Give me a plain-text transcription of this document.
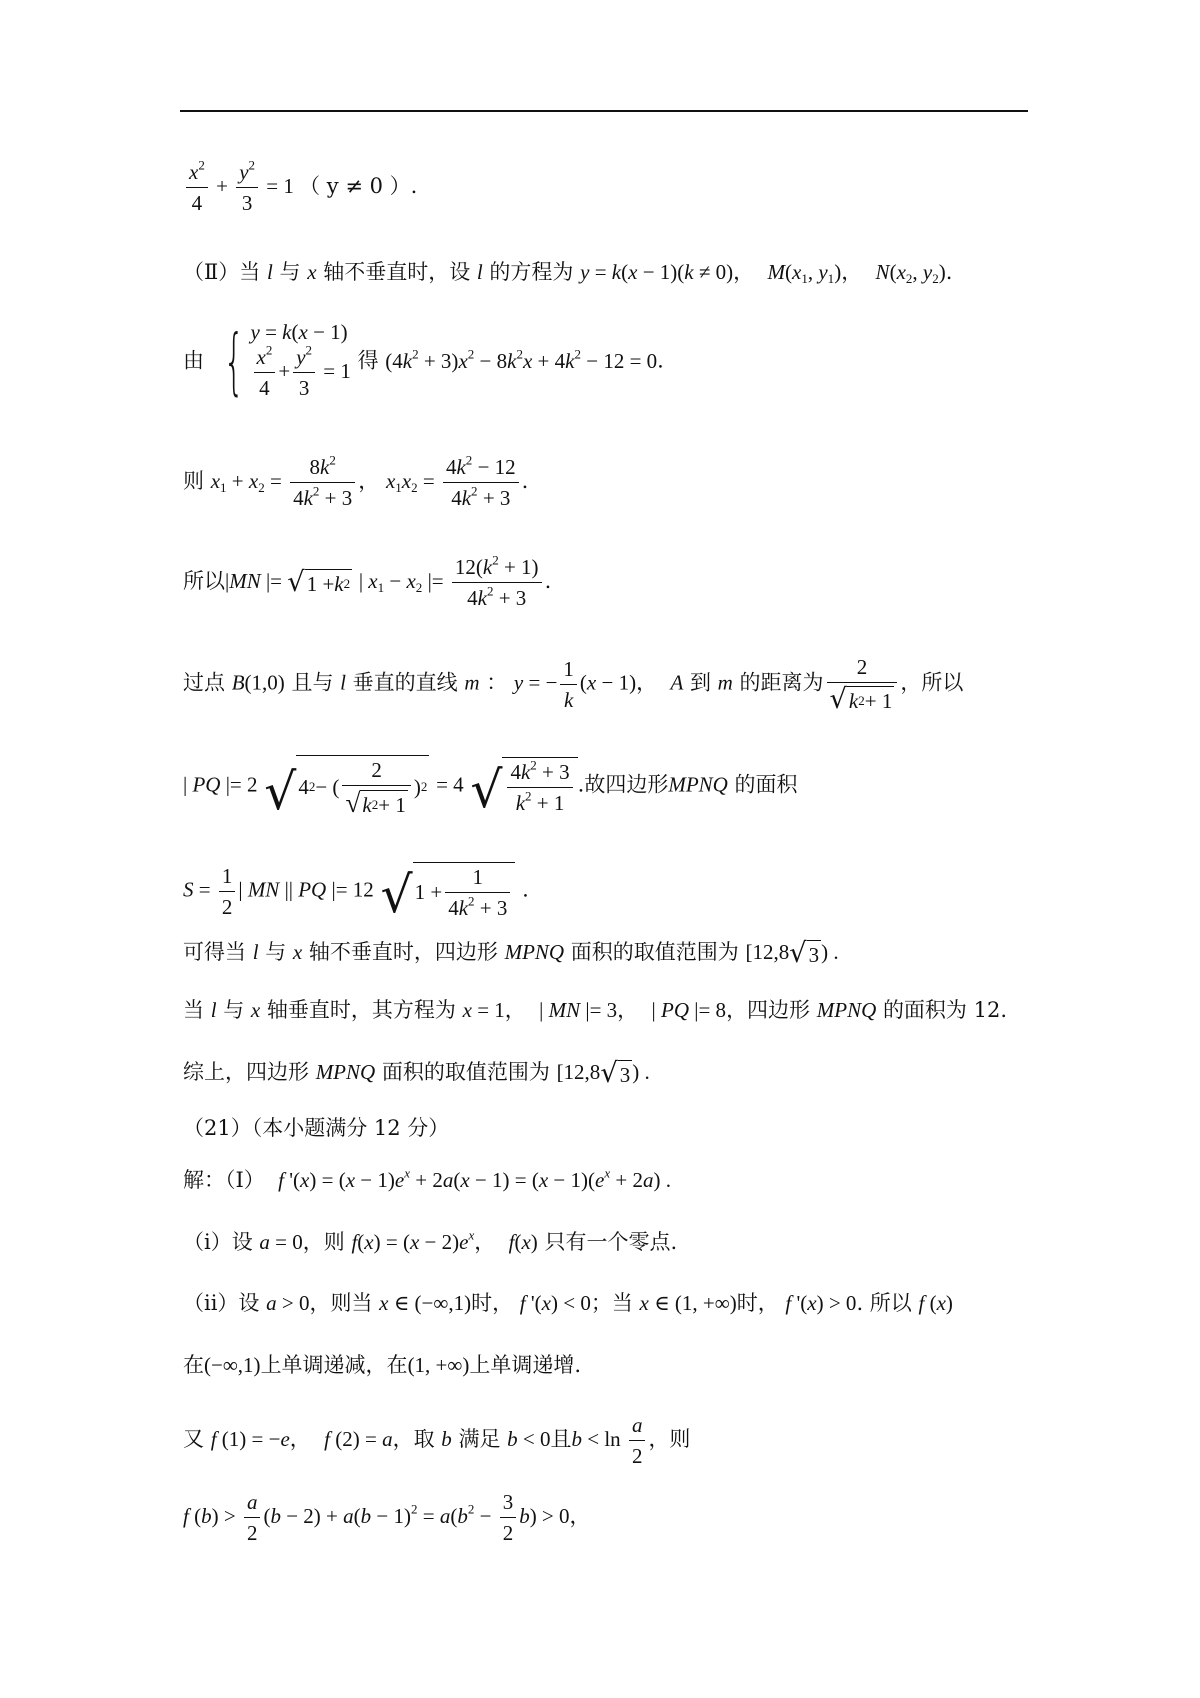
$\frac{x^2}{4} + \frac{y^2}{3} = 1$ （ y ≠ 0 ）.
（Ⅱ）当 l 与 x 轴不垂直时，设 l 的方程为 y = k(x − 1)(k ≠ 0)， $M(x_1$, $y_1$)，  $N(x_2$, $y_2$).
由 { y = k(x − 1)
$\frac{x^2}{4} + \frac{y^2}{3} = 1$ 得 $(4k^2 + 3)x^2 - 8k^2x + 4k^2 - 12 = 0$.
则 $x_1 + x_2 = \frac{8k^2}{4k^2 + 3}$ ， $x_1x_2 = \frac{4k^2 - 12}{4k^2 + 3}$ .
所以|MN |= √ 1 + k 2 | $x_1 - x_2$ |= $\frac{12(k^2 + 1)}{4k^2 + 3}$ .
过点 B(1,0) 且与 l 垂直的直线 m ： y = − $\frac{1}{k} (x - 1)$， A 到 m 的距离为 $\frac{2}{√ k 2 + 1}$ ，所以
| PQ |= 2 √ 4 2 − ( $\frac{2}{√ k 2 + 1}$ ) 2 = 4 √ $\frac{4k^2 + 3}{k^2 + 1}$ .故四边形MPNQ 的面积
$S = \frac{1}{2}$ | MN || PQ |= 12 √ $1 + \frac{1}{4k^2 + 3}$ .
可得当 l 与 x 轴不垂直时，四边形 MPNQ 面积的取值范围为 [12,8 √ 3 ) .
当 l 与 x 轴垂直时，其方程为 x = 1， | MN |= 3， | PQ |= 8，四边形 MPNQ 的面积为 12.
综上，四边形 MPNQ 面积的取值范围为 [12,8 √ 3 ) .
（21）（本小题满分 12 分）
解：（Ⅰ） f '$(x) = (x - 1)e^x + 2a(x - 1) = (x - 1)(e^x + 2a)$ .
（i）设 a = 0，则 $f(x) = (x - 2)e^x$， f(x) 只有一个零点.
（ii）设 a > 0，则当 x ∈ (−∞,1)时， f '(x) < 0；当 x ∈ (1, +∞)时， f '(x) > 0. 所以 f (x)
在(−∞,1)上单调递减，在(1, +∞)上单调递增.
又 f (1) = −e， f (2) = a，取 b 满足 b < 0且$b < \ln \frac{a}{2}$ ，则
f $(b) > \frac{a}{2} (b - 2) + a(b - 1)^2 = a(b^2 - \frac{3}{2} b) > 0$，
